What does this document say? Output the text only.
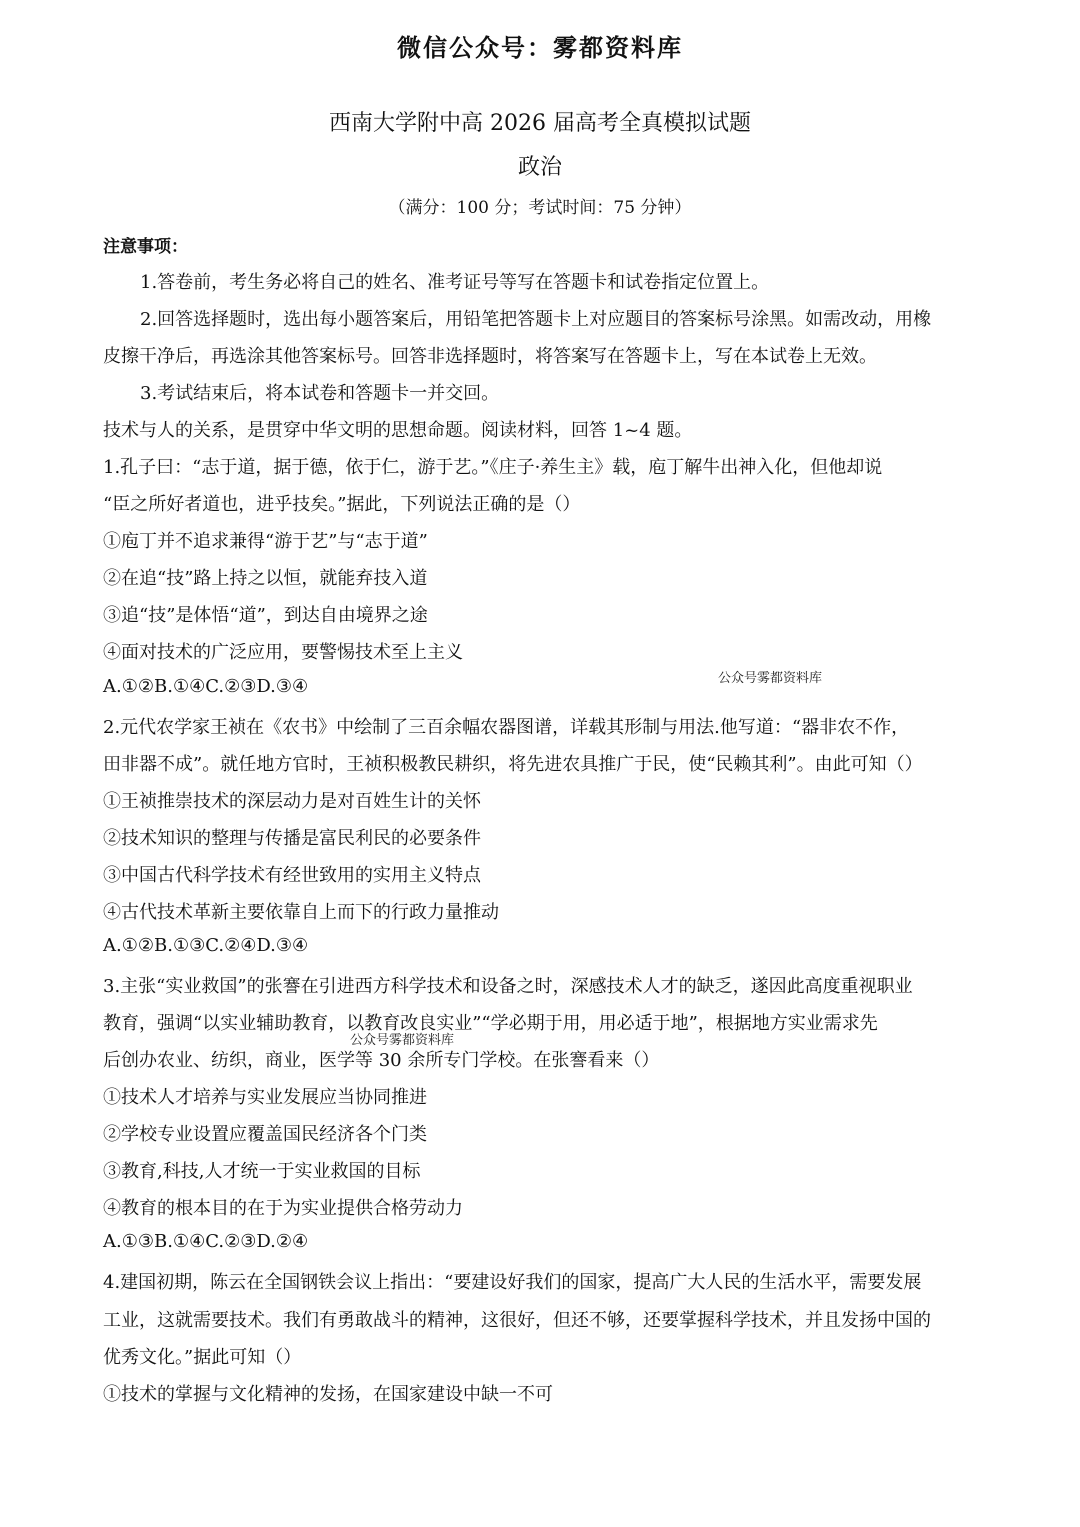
微信公众号：雾都资料库
西南大学附中高 2026 届高考全真模拟试题
政治
（满分：100 分；考试时间：75 分钟）
注意事项：
1.答卷前，考生务必将自己的姓名、准考证号等写在答题卡和试卷指定位置上。
2.回答选择题时，选出每小题答案后，用铅笔把答题卡上对应题目的答案标号涂黑。如需改动，用橡
皮擦干净后，再选涂其他答案标号。回答非选择题时，将答案写在答题卡上，写在本试卷上无效。
3.考试结束后，将本试卷和答题卡一并交回。
技术与人的关系，是贯穿中华文明的思想命题。阅读材料，回答 1~4 题。
1.孔子曰：“志于道，据于德，依于仁，游于艺。”《庄子·养生主》载，庖丁解牛出神入化，但他却说
“臣之所好者道也，进乎技矣。”据此，下列说法正确的是（）
①庖丁并不追求兼得“游于艺”与“志于道”
②在追“技”路上持之以恒，就能弃技入道
③追“技”是体悟“道”，到达自由境界之途
④面对技术的广泛应用，要警惕技术至上主义
公众号雾都资料库
A.①②B.①④C.②③D.③④
2.元代农学家王祯在《农书》中绘制了三百余幅农器图谱，详载其形制与用法.他写道：“器非农不作，
田非器不成”。就任地方官时，王祯积极教民耕织，将先进农具推广于民，使“民赖其利”。由此可知（）
①王祯推崇技术的深层动力是对百姓生计的关怀
②技术知识的整理与传播是富民利民的必要条件
③中国古代科学技术有经世致用的实用主义特点
④古代技术革新主要依靠自上而下的行政力量推动
A.①②B.①③C.②④D.③④
3.主张“实业救国”的张謇在引进西方科学技术和设备之时，深感技术人才的缺乏，遂因此高度重视职业
教育，强调“以实业辅助教育，以教育改良实业”“学必期于用，用必适于地”，根据地方实业需求先
公众号雾都资料库
后创办农业、纺织，商业，医学等 30 余所专门学校。在张謇看来（）
①技术人才培养与实业发展应当协同推进
②学校专业设置应覆盖国民经济各个门类
③教育,科技,人才统一于实业救国的目标
④教育的根本目的在于为实业提供合格劳动力
A.①③B.①④C.②③D.②④
4.建国初期，陈云在全国钢铁会议上指出：“要建设好我们的国家，提高广大人民的生活水平，需要发展
工业，这就需要技术。我们有勇敢战斗的精神，这很好，但还不够，还要掌握科学技术，并且发扬中国的
优秀文化。”据此可知（）
①技术的掌握与文化精神的发扬，在国家建设中缺一不可
